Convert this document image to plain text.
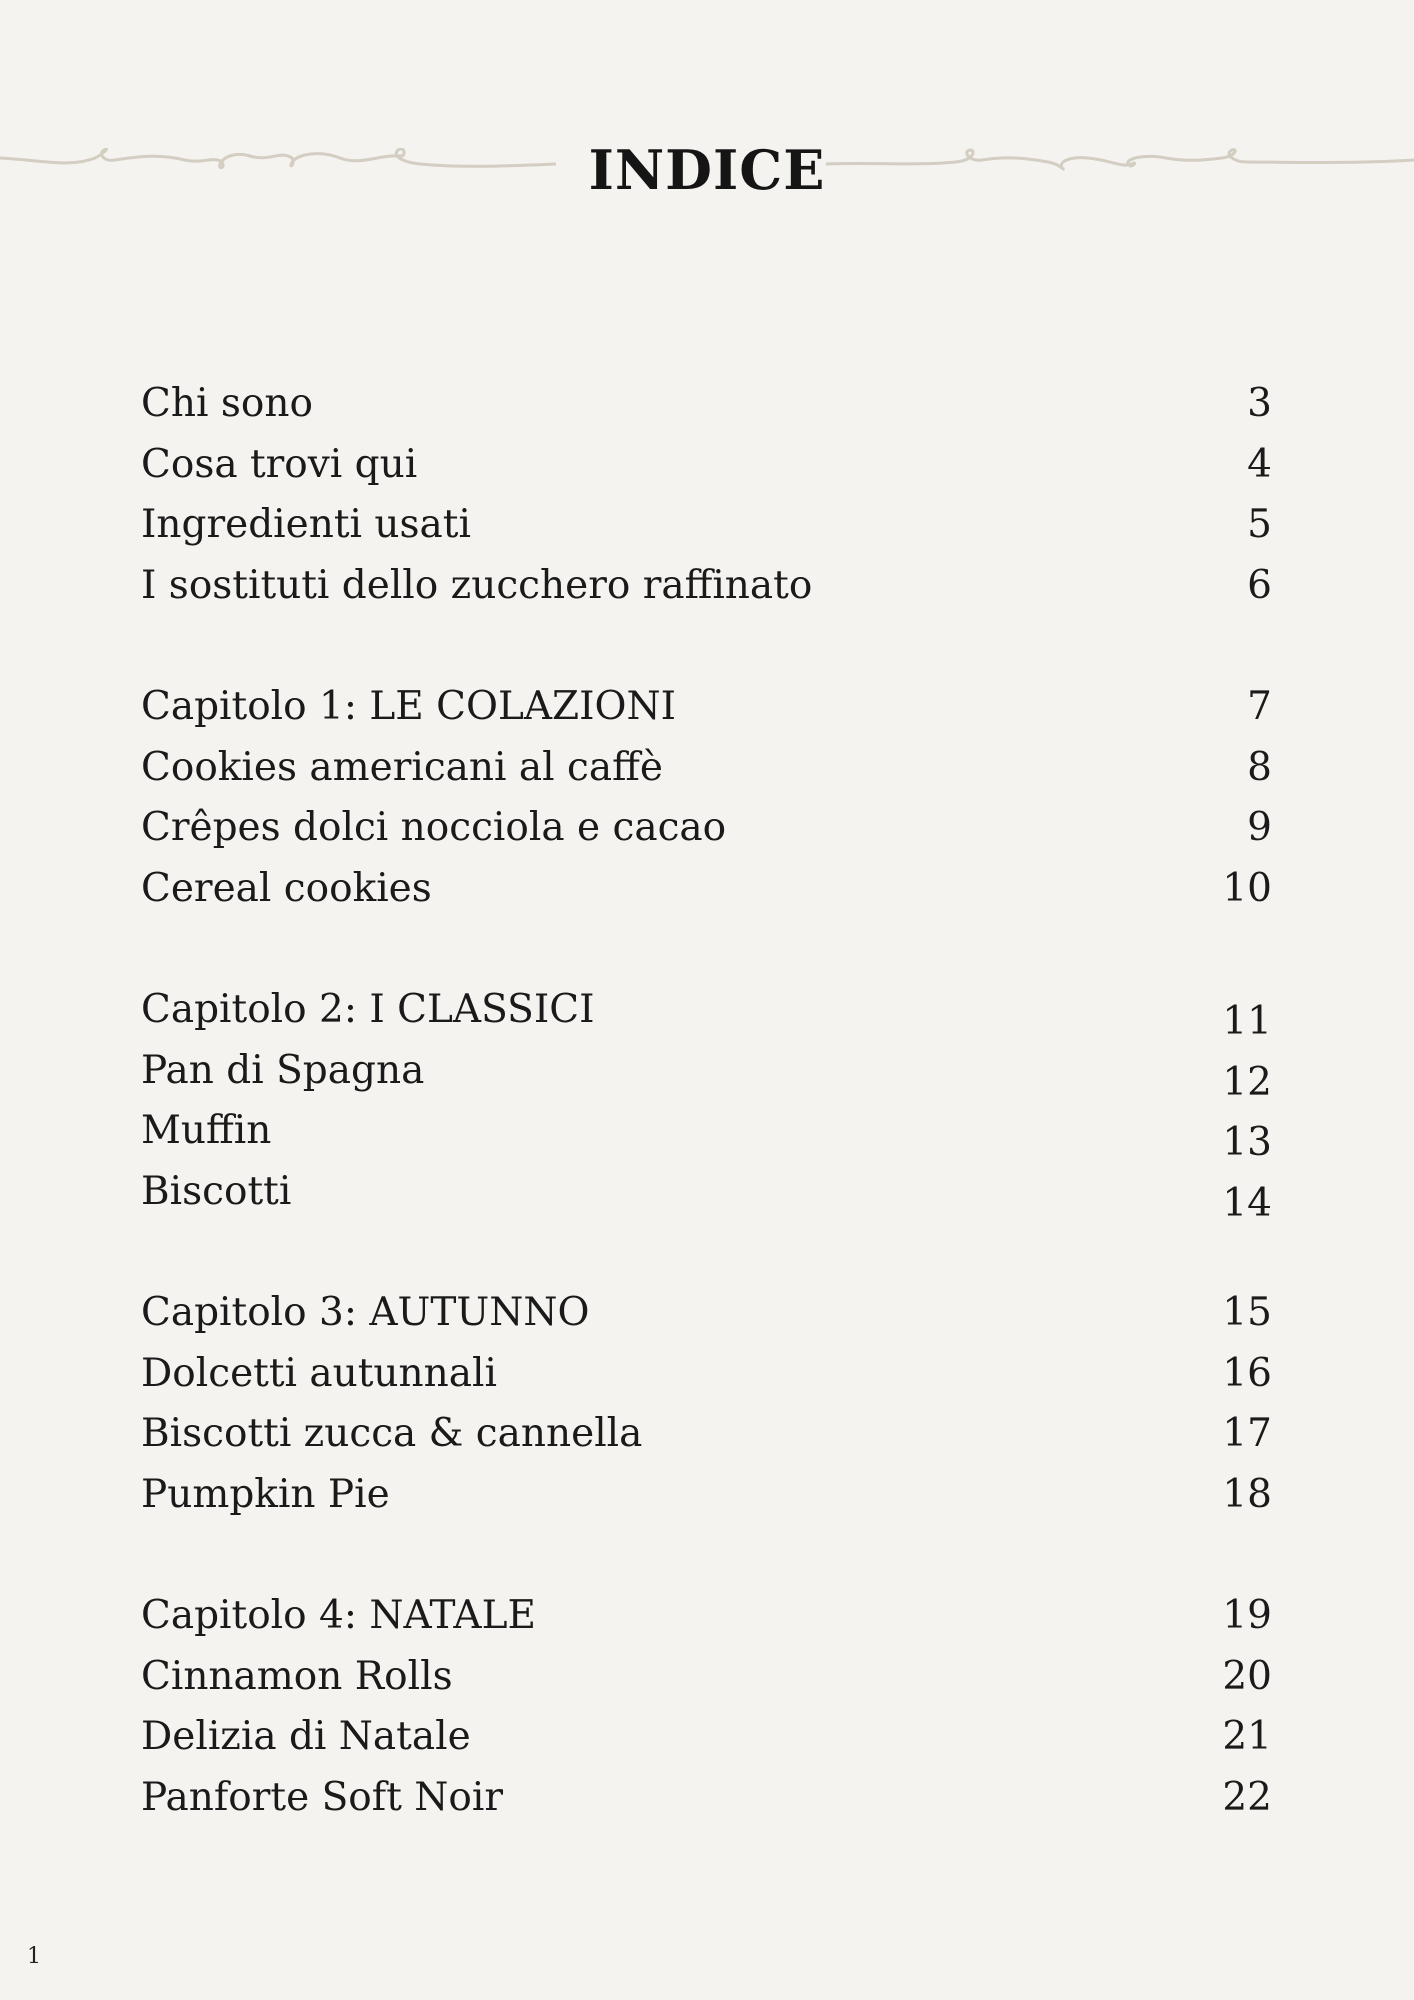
INDICE
Chi sono	3
Cosa trovi qui	4
Ingredienti usati	5
I sostituti dello zucchero raffinato	6
Capitolo 1: LE COLAZIONI	7
Cookies americani al caffè	8
Crêpes dolci nocciola e cacao	9
Cereal cookies	10
Capitolo 2: I CLASSICI	11
Pan di Spagna	12
Muffin	13
Biscotti	14
Capitolo 3: AUTUNNO	15
Dolcetti autunnali	16
Biscotti zucca & cannella	17
Pumpkin Pie	18
Capitolo 4: NATALE	19
Cinnamon Rolls	20
Delizia di Natale	21
Panforte Soft Noir	22
1
